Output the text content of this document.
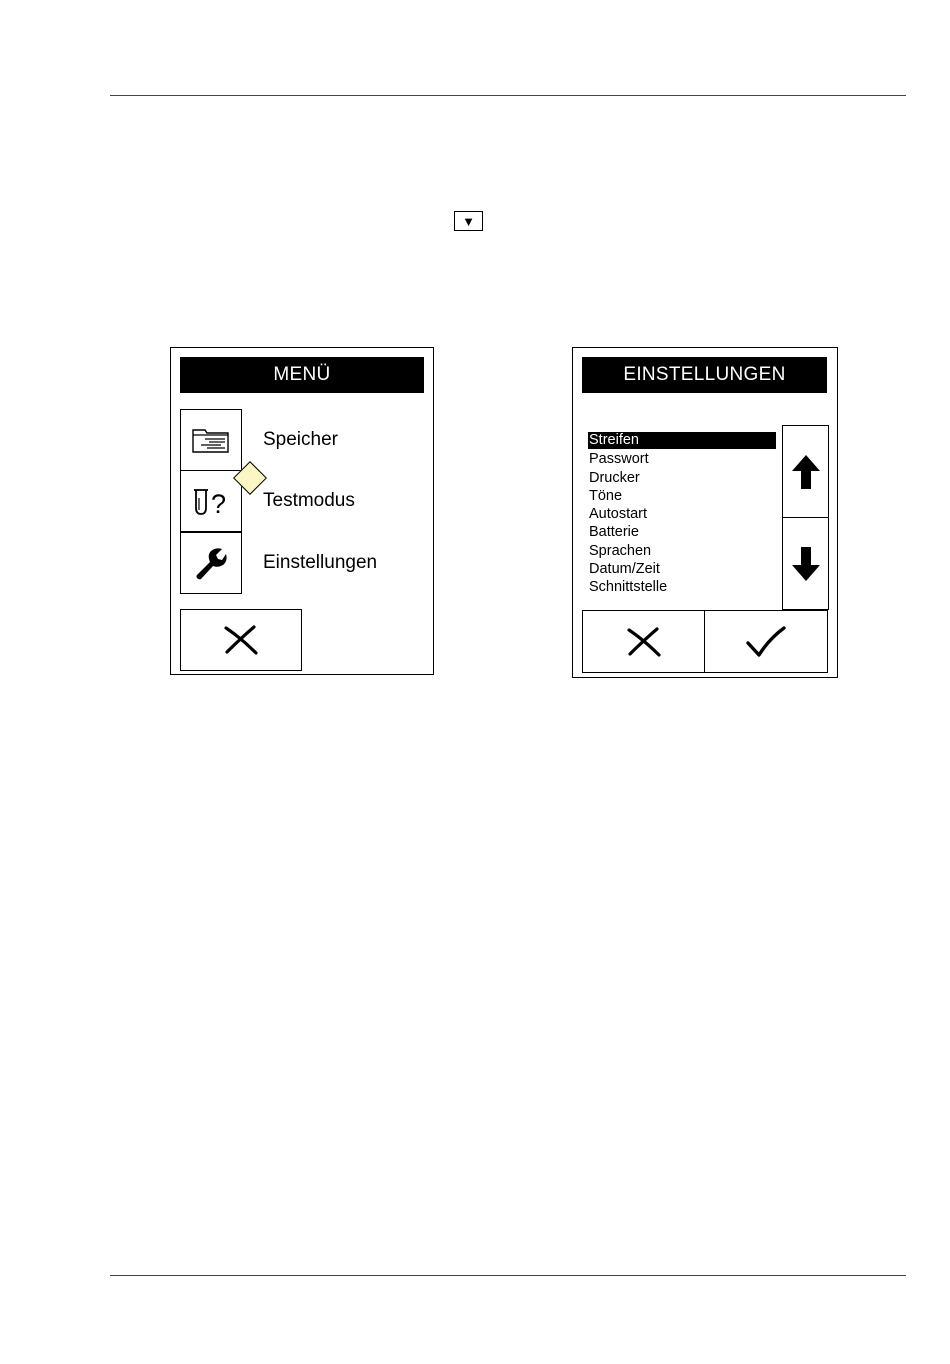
▼
MENÜ
?
Speicher
Testmodus
Einstellungen
EINSTELLUNGEN
Streifen
Passwort
Drucker
Töne
Autostart
Batterie
Sprachen
Datum/Zeit
Schnittstelle
